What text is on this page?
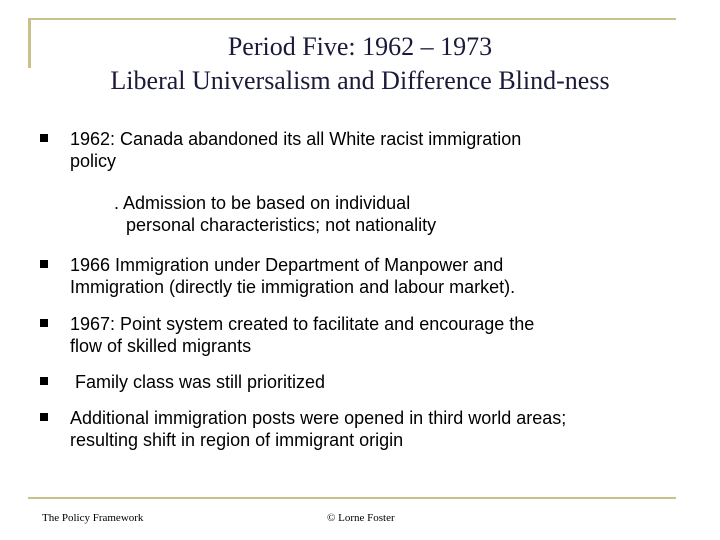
Period Five: 1962 – 1973
Liberal Universalism and Difference Blind-ness
1962: Canada abandoned its all White racist immigration
policy
. Admission to be based on individual
personal characteristics; not nationality
1966 Immigration under Department of Manpower and
Immigration (directly tie immigration and labour market).
1967: Point system created to facilitate and encourage the
flow of skilled migrants
Family class was still prioritized
Additional immigration posts were opened in third world areas;
resulting shift in region of immigrant origin
The Policy Framework	© Lorne Foster
